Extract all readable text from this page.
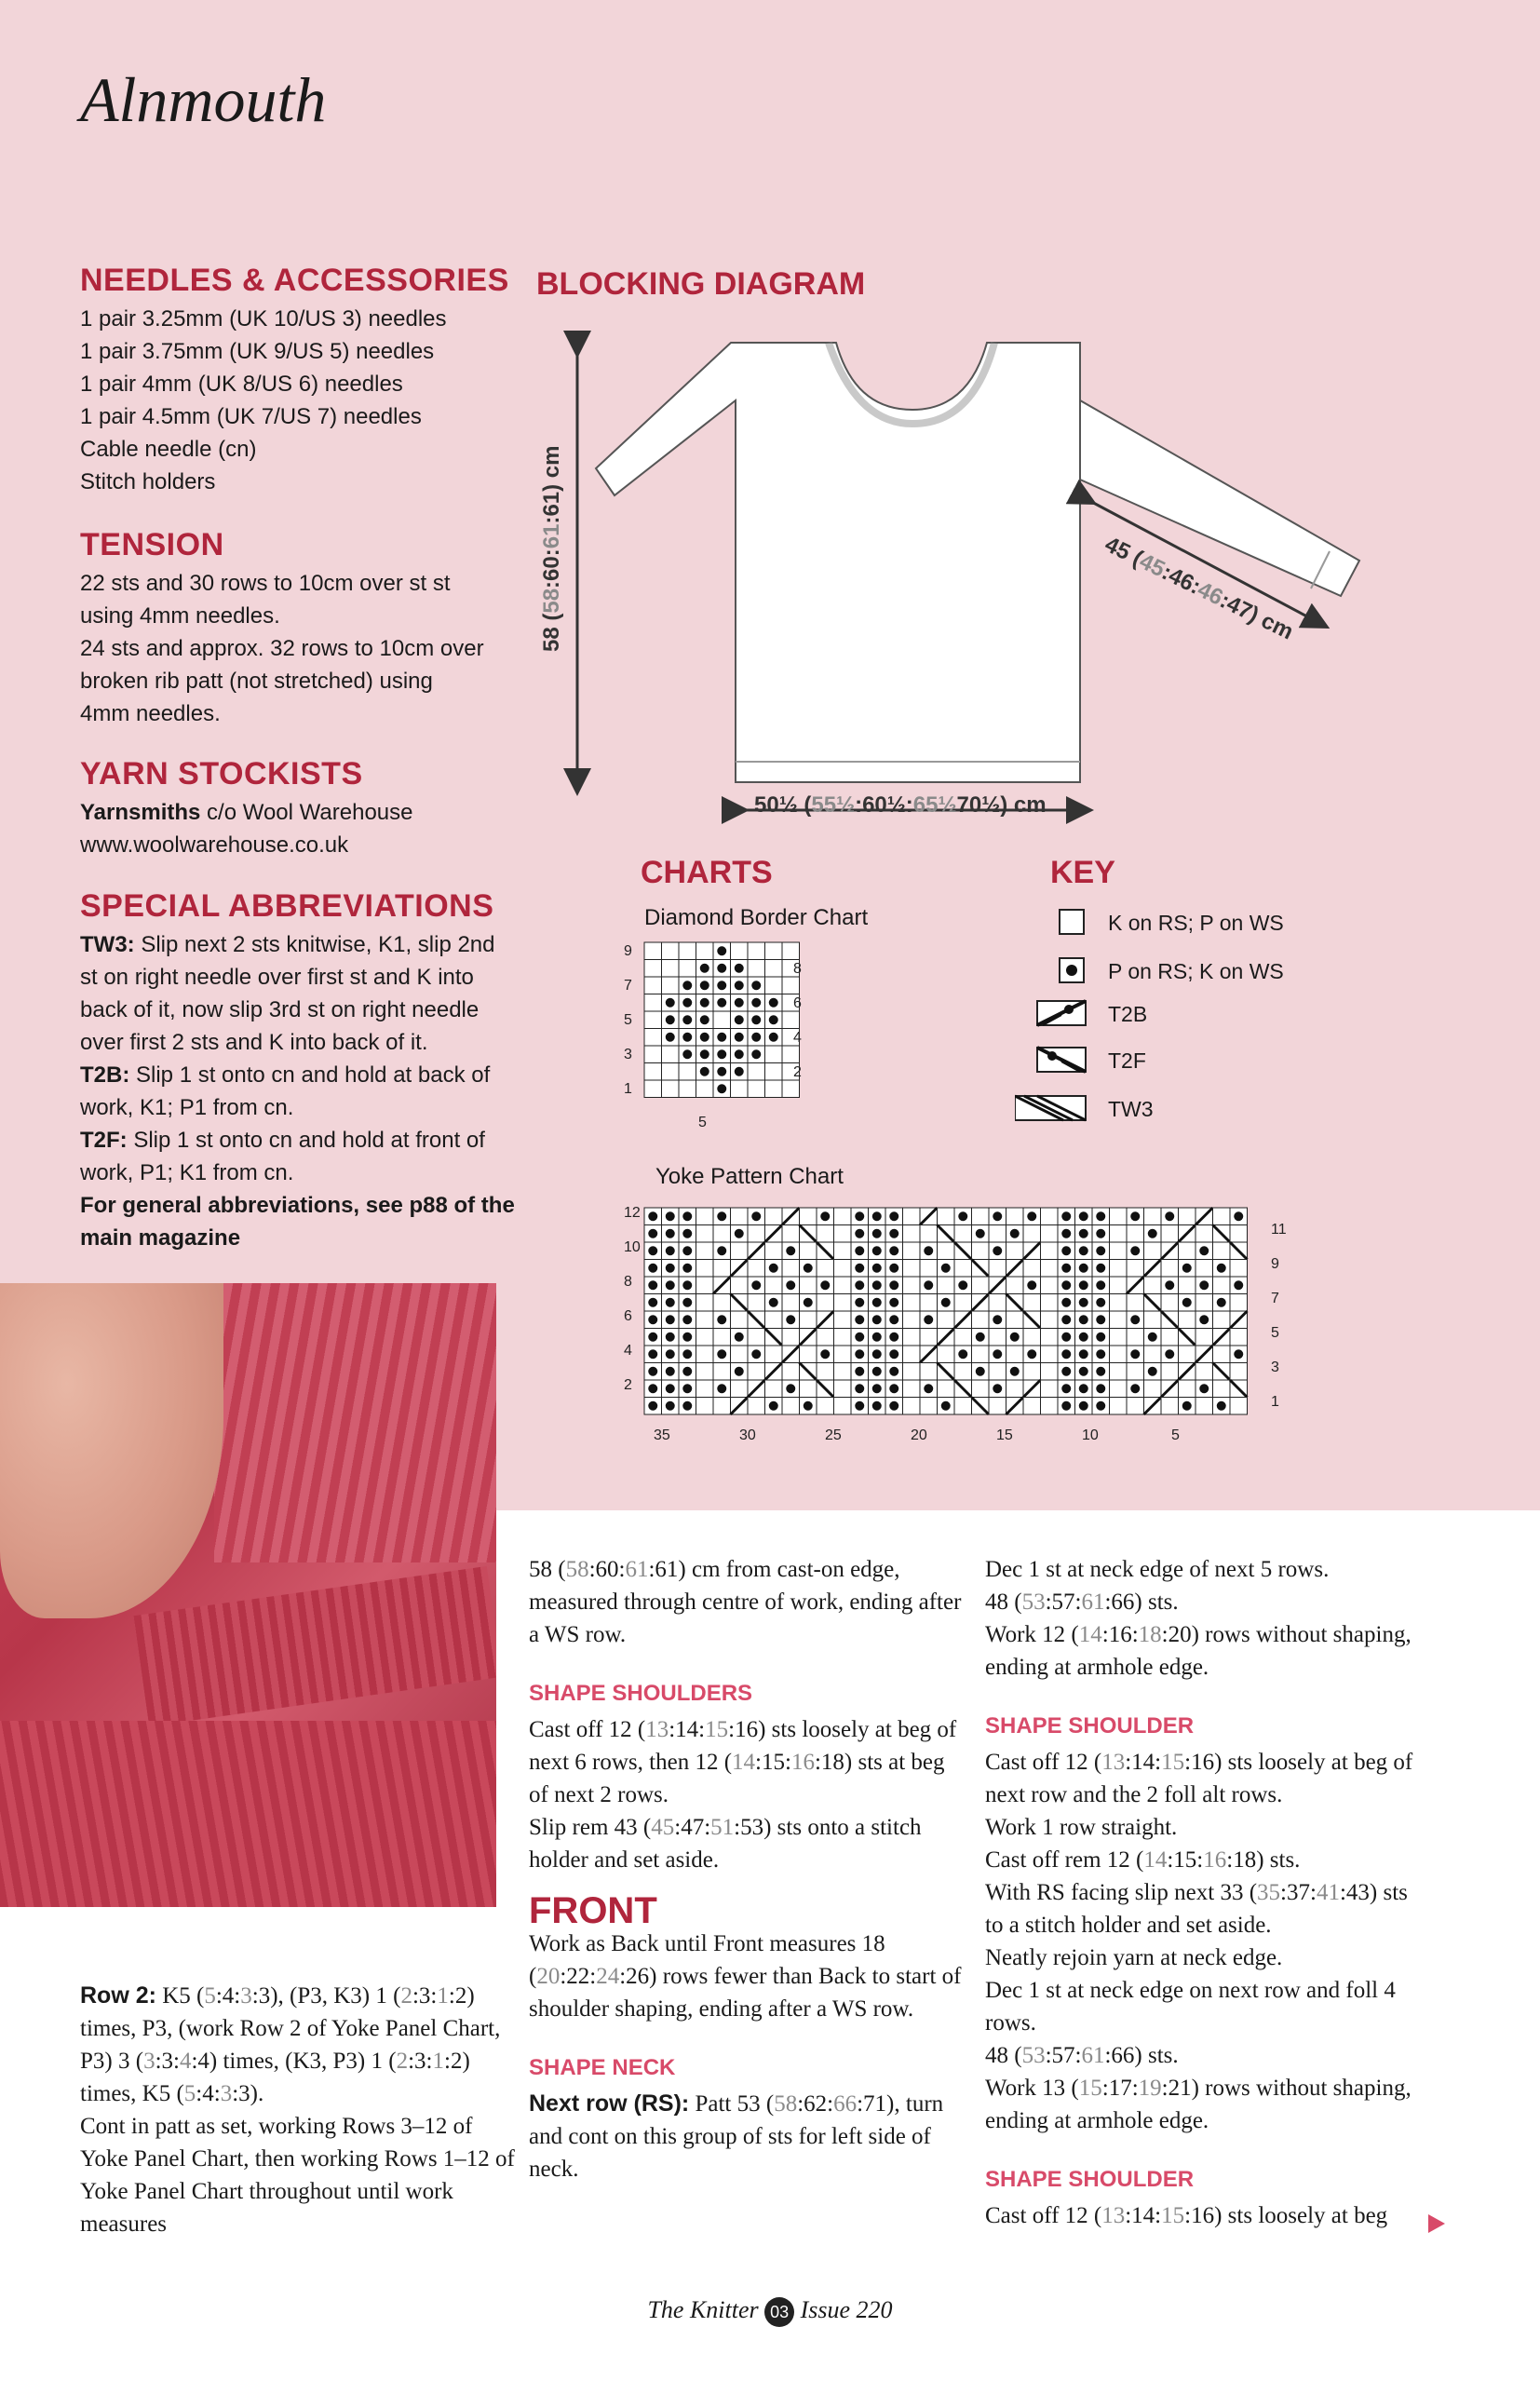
Alnmouth
NEEDLES & ACCESSORIES

1 pair 3.25mm (UK 10/US 3) needles

1 pair 3.75mm (UK 9/US 5) needles

1 pair 4mm (UK 8/US 6) needles

1 pair 4.5mm (UK 7/US 7) needles

Cable needle (cn)

Stitch holders

TENSION

22 sts and 30 rows to 10cm over st st

using 4mm needles.

24 sts and approx. 32 rows to 10cm over

broken rib patt (not stretched) using

4mm needles.

YARN STOCKISTS

Yarnsmiths c/o Wool Warehouse

www.woolwarehouse.co.uk

SPECIAL ABBREVIATIONS

TW3: Slip next 2 sts knitwise, K1, slip 2nd st on right needle over first st and K into back of it, now slip 3rd st on right needle over first 2 sts and K into back of it.

T2B: Slip 1 st onto cn and hold at back of work, K1; P1 from cn.

T2F: Slip 1 st onto cn and hold at front of work, P1; K1 from cn.

For general abbreviations, see p88 of the main magazine

BLOCKING DIAGRAM
58 (58:60:61:61) cm
45 (45:46:46:47) cm
50½ (55½:60½:65½70½) cm
CHARTS
Diamond Border Chart
9
7
5
3
1
8
6
4
2
5
Yoke Pattern Chart
12
10
8
6
4
2
11
9
7
5
3
1
35	30	25	20	15	10	5
KEY
K on RS; P on WS
P on RS; K on WS
T2B
T2F
TW3

Row 2: K5 (5:4:3:3), (P3, K3) 1 (2:3:1:2) times, P3, (work Row 2 of Yoke Panel Chart, P3) 3 (3:3:4:4) times, (K3, P3) 1 (2:3:1:2) times, K5 (5:4:3:3).

Cont in patt as set, working Rows 3–12 of Yoke Panel Chart, then working Rows 1–12 of Yoke Panel Chart throughout until work measures

58 (58:60:61:61) cm from cast-on edge, measured through centre of work, ending after a WS row.

SHAPE SHOULDERS

Cast off 12 (13:14:15:16) sts loosely at beg of next 6 rows, then 12 (14:15:16:18) sts at beg of next 2 rows.

Slip rem 43 (45:47:51:53) sts onto a stitch holder and set aside.

FRONT

Work as Back until Front measures 18 (20:22:24:26) rows fewer than Back to start of shoulder shaping, ending after a WS row.

SHAPE NECK

Next row (RS): Patt 53 (58:62:66:71), turn and cont on this group of sts for left side of neck.

Dec 1 st at neck edge of next 5 rows.

48 (53:57:61:66) sts.

Work 12 (14:16:18:20) rows without shaping, ending at armhole edge.

SHAPE SHOULDER

Cast off 12 (13:14:15:16) sts loosely at beg of next row and the 2 foll alt rows.

Work 1 row straight.

Cast off rem 12 (14:15:16:18) sts.

With RS facing slip next 33 (35:37:41:43) sts to a stitch holder and set aside.

Neatly rejoin yarn at neck edge.

Dec 1 st at neck edge on next row and foll 4 rows.

48 (53:57:61:66) sts.

Work 13 (15:17:19:21) rows without shaping, ending at armhole edge.

SHAPE SHOULDER

Cast off 12 (13:14:15:16) sts loosely at beg

The Knitter 03 Issue 220
